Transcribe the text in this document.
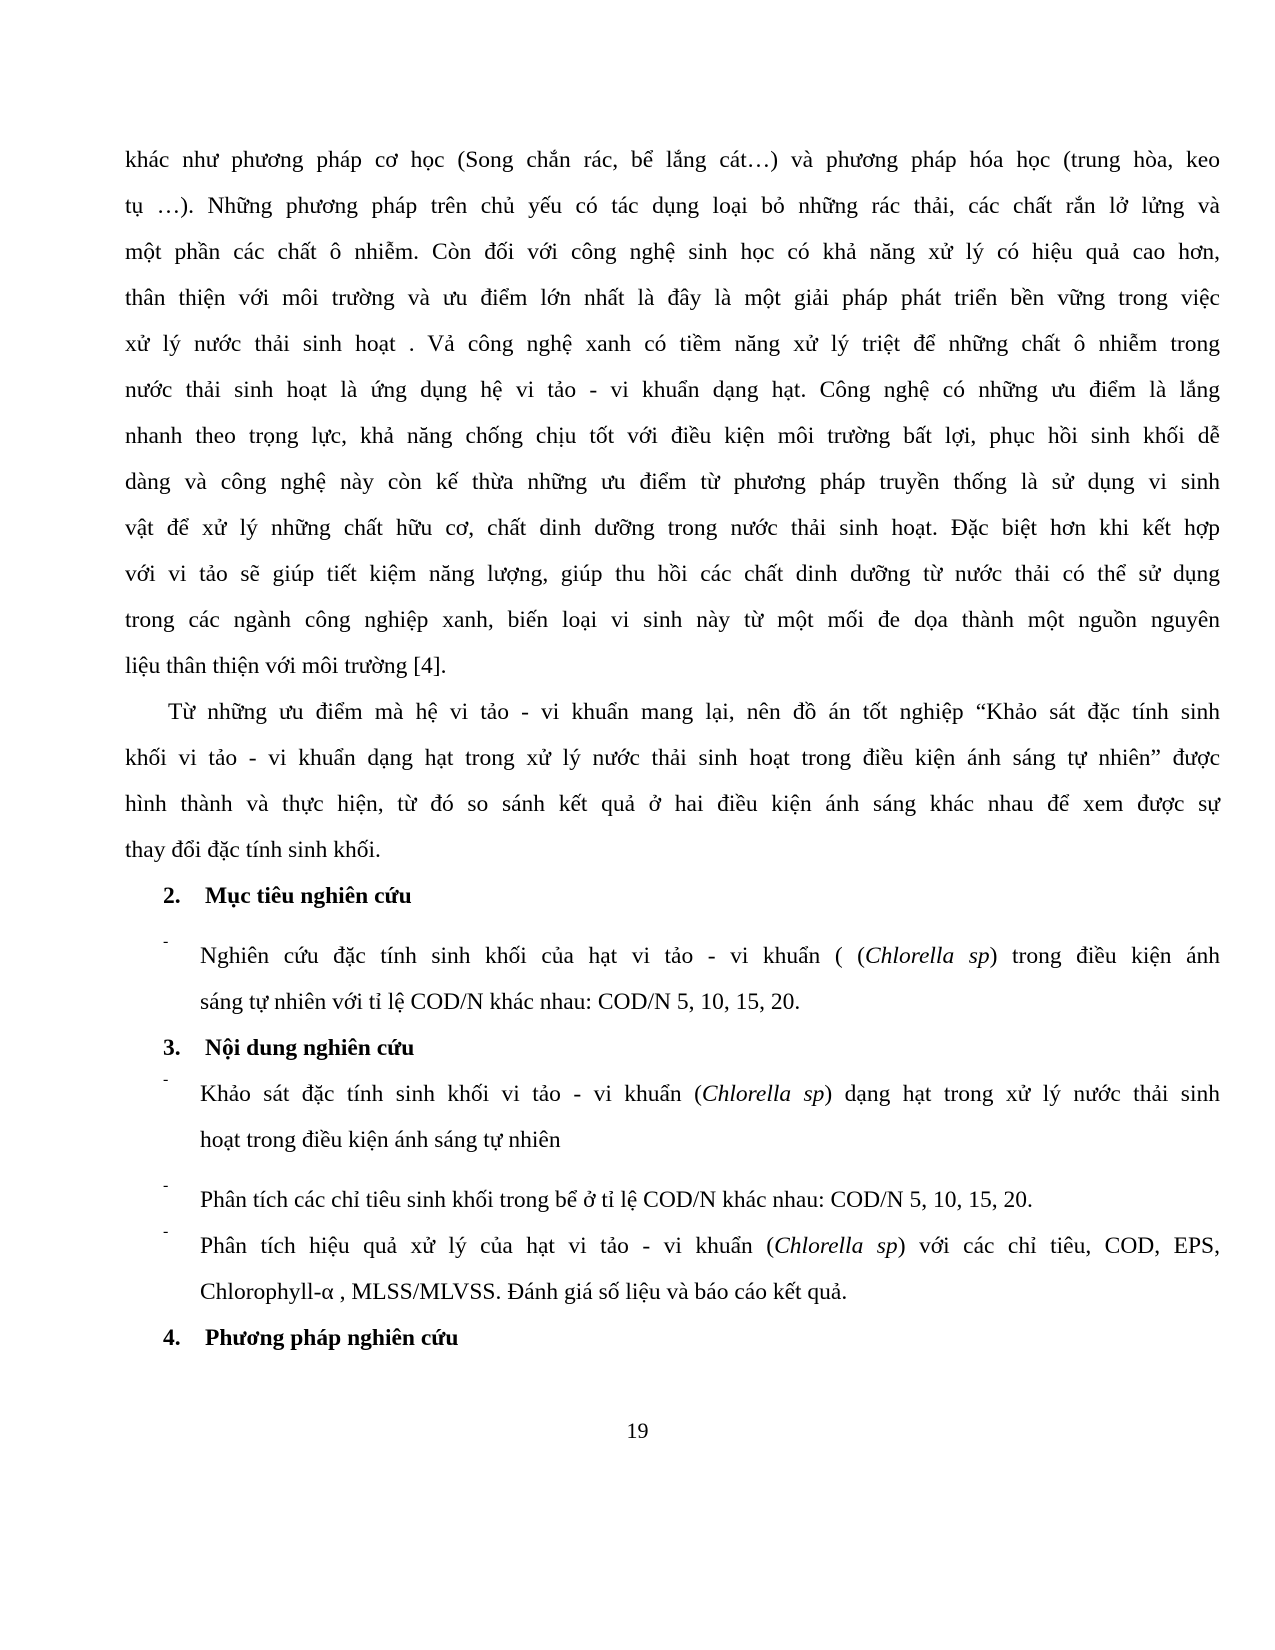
khác như phương pháp cơ học (Song chắn rác, bể lắng cát…) và phương pháp hóa học (trung hòa, keo
tụ …). Những phương pháp trên chủ yếu có tác dụng loại bỏ những rác thải, các chất rắn lở lửng và
một phần các chất ô nhiễm. Còn đối với công nghệ sinh học có khả năng xử lý có hiệu quả cao hơn,
thân thiện với môi trường và ưu điểm lớn nhất là đây là một giải pháp phát triển bền vững trong việc
xử lý nước thải sinh hoạt . Vả công nghệ xanh có tiềm năng xử lý triệt để những chất ô nhiễm trong
nước thải sinh hoạt là ứng dụng hệ vi tảo - vi khuẩn dạng hạt. Công nghệ có những ưu điểm là lắng
nhanh theo trọng lực, khả năng chống chịu tốt với điều kiện môi trường bất lợi, phục hồi sinh khối dễ
dàng và công nghệ này còn kế thừa những ưu điểm từ phương pháp truyền thống là sử dụng vi sinh
vật để xử lý những chất hữu cơ, chất dinh dưỡng trong nước thải sinh hoạt. Đặc biệt hơn khi kết hợp
với vi tảo sẽ giúp tiết kiệm năng lượng, giúp thu hồi các chất dinh dưỡng từ nước thải có thể sử dụng
trong các ngành công nghiệp xanh, biến loại vi sinh này từ một mối đe dọa thành một nguồn nguyên
liệu thân thiện với môi trường [4].
Từ những ưu điểm mà hệ vi tảo - vi khuẩn mang lại, nên đồ án tốt nghiệp “Khảo sát đặc tính sinh
khối vi tảo - vi khuẩn dạng hạt trong xử lý nước thải sinh hoạt trong điều kiện ánh sáng tự nhiên” được
hình thành và thực hiện, từ đó so sánh kết quả ở hai điều kiện ánh sáng khác nhau để xem được sự
thay đổi đặc tính sinh khối.
2. Mục tiêu nghiên cứu
-
Nghiên cứu đặc tính sinh khối của hạt vi tảo - vi khuẩn ( (Chlorella sp) trong điều kiện ánh
sáng tự nhiên với tỉ lệ COD/N khác nhau: COD/N 5, 10, 15, 20.
3. Nội dung nghiên cứu
-
Khảo sát đặc tính sinh khối vi tảo - vi khuẩn (Chlorella sp) dạng hạt trong xử lý nước thải sinh
hoạt trong điều kiện ánh sáng tự nhiên
-
Phân tích các chỉ tiêu sinh khối trong bể ở tỉ lệ COD/N khác nhau: COD/N 5, 10, 15, 20.
-
Phân tích hiệu quả xử lý của hạt vi tảo - vi khuẩn (Chlorella sp) với các chỉ tiêu, COD, EPS,
Chlorophyll-α , MLSS/MLVSS. Đánh giá số liệu và báo cáo kết quả.
4. Phương pháp nghiên cứu
19
